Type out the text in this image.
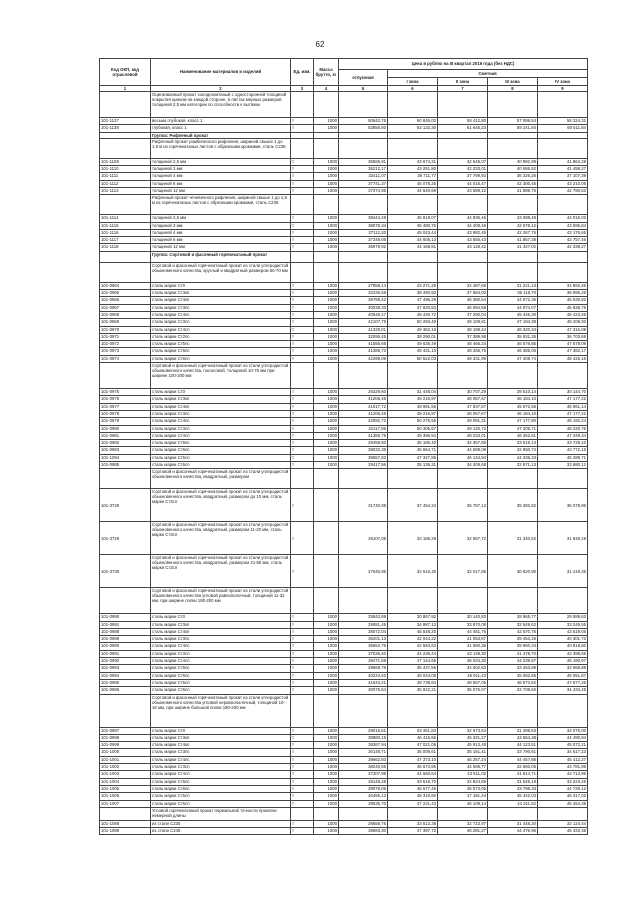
62
Код ОКП, код отраслевой	Наименование материалов и изделий	Ед. изм.	Масса брутто, кг	Цена в рублях на III квартал 2016 года (без НДС)				
				отпускная	Сметная			
					I зона	II зона	III зона	IV зона
1	2	3	4	5	6	7	8	9
	Оцинкованный прокат холоднокатаный с односторонней толщиной покрытия цинком на каждой стороне, в листах мерных размеров толщиной 2,5 мм категории по способности к вытяжке							
101-1137	весьма глубокая, класс 1	т	1000	50642,76	60 846,02	59 412,80	57 099,54	58 324,31
101-1138	глубокая, класс 1	т	1000	52856,93	63 132,30	61 645,23	59 241,84	60 511,84
	Группа: Рифленый прокат							
	Рифленый прокат ромбического рифления, шириной свыше 1 до 1,9 м из горячекатаных листов с обрезными кромками, сталь С235							
101-1109	толщиной 2,5 мм	т	1000	36565,91	43 674,31	42 645,07	40 982,99	41 864,28
101-1110	толщиной 3 мм	т	1000	35212,17	43 251,80	42 233,01	40 586,52	41 459,27
101-1111	толщиной 4 мм	т	1000	32411,07	38 711,77	37 799,92	36 326,26	37 107,39
101-1112	толщиной 6 мм	т	1000	37741,37	45 078,25	44 016,47	42 300,45	43 210,05
101-1113	толщиной 12 мм	т	1000	37374,95	44 640,69	43 589,12	41 889,76	42 790,53
	Рифленый прокат чечевичного рифления, шириной свыше 1 до 1,9 м из горячекатаных листов с обрезными кромками, сталь С235							
101-1114	толщиной 2,5 мм	т	1000	38444,48	45 918,07	44 836,46	43 088,49	44 015,03
101-1115	толщиной 3 мм	т	1000	38078,34	45 480,76	44 409,46	42 678,12	43 595,84
101-1116	толщиной 4 мм	т	1000	37112,20	45 043,44	43 982,45	42 267,75	43 176,65
101-1117	толщиной 6 мм	т	1000	37346,06	44 605,13	43 555,43	41 857,38	42 757,46
101-1118	толщиной 12 мм	т	1000	36979,92	44 168,81	43 128,42	41 447,02	42 338,27
	Группа: Сортовой и фасонный горячекатаный прокат							
	Сортовой и фасонный горячекатаный прокат из стали углеродистой обыкновенного качества, круглый и квадратный размером 50-70 мм							
101-0964	сталь марки Ст0	т	1000	27858,14	33 271,28	32 487,68	31 221,13	31 892,46
101-0965	сталь марки Ст3кп	т	1000	32226,58	38 490,50	37 584,00	36 118,70	36 895,28
101-0966	сталь марки Ст4кп	т	1000	39788,42	47 496,28	46 380,54	44 572,36	45 530,83
101-0967	сталь марки Ст3пс	т	1000	40038,33	47 820,83	46 694,58	44 874,07	45 838,79
101-0968	сталь марки Ст4пс	т	1000	40548,17	48 430,72	47 290,04	45 446,30	46 423,46
101-0969	сталь марки Ст3сп	т	1000	42107,75	50 293,49	49 108,81	47 194,38	48 208,93
101-0970	сталь марки Ст4сп	т	1000	41328,01	49 362,16	48 199,44	46 320,34	47 316,08
101-0971	сталь марки Ст2пс	т	1000	32095,45	38 290,01	37 389,98	35 931,35	36 703,69
101-0972	сталь марки Ст5пс	т	1000	41556,65	49 635,49	48 466,34	46 576,85	47 578,09
101-0973	сталь марки Ст6пс	т	1000	41385,73	49 431,10	48 266,76	46 385,06	47 382,17
101-0974	сталь марки Ст6сп	т	1000	42299,09	50 522,03	49 331,99	47 408,74	48 426,16
	Сортовой и фасонный горячекатаный прокат из стали углеродистой обыкновенного качества, полосовой, толщиной 10-75 мм при ширине 100-200 мм							
101-0975	сталь марки Ст0	т	1000	26329,60	31 448,04	30 707,29	29 510,14	30 144,70
101-0976	сталь марки Ст3кп	т	1000	41206,45	49 216,97	48 057,67	46 184,10	47 177,22
101-0977	сталь марки Ст4кп	т	1000	41017,72	48 991,56	47 837,57	45 972,58	46 961,14
101-0978	сталь марки Ст3пс	т	1000	41206,45	49 216,97	48 057,67	46 184,10	47 177,22
101-0979	сталь марки Ст4пс	т	1000	42092,72	50 275,56	49 091,31	47 177,80	48 192,24
101-0980	сталь марки Ст3сп	т	1000	42117,95	50 305,67	49 120,72	47 205,71	48 220,76
101-0981	сталь марки Ст4сп	т	1000	41356,79	49 396,54	48 233,01	46 352,61	47 349,34
101-0982	сталь марки Ст5пс	т	1000	29459,50	35 186,40	34 357,58	33 018,13	33 728,10
101-0983	сталь марки Ст6пс	т	1000	38032,35	45 664,71	44 589,08	42 850,74	43 772,16
101-1094	сталь марки Ст5сп	т	1000	39657,83	47 347,86	46 134,94	44 336,33	45 289,71
101-0985	сталь марки Ст6сп	т	1000	29417,56	35 136,31	34 308,68	32 971,13	33 680,12
	Сортовой и фасонный горячекатаный прокат из стали углеродистой обыкновенного качества, квадратный, размером							
101-3728	Сортовой и фасонный горячекатаный прокат из стали углеродистой обыкновенного качества, квадратный, размером до 10 мм, сталь марки Ст3сп	т		31740,99	37 454,34	36 787,13	35 392,82	36 079,96
101-3729	Сортовой и фасонный горячекатаный прокат из стали углеродистой обыкновенного качества, квадратный, размером 11-20 мм, сталь марки Ст3сп	т		28107,05	33 186,29	32 557,72	31 340,62	31 948,19
101-3730	Сортовой и фасонный горячекатаный прокат из стали углеродистой обыкновенного качества, квадратный, размером 21-50 мм, сталь марки Ст3сп	т		27640,95	32 616,30	32 017,85	30 820,90	31 419,35
	Сортовой и фасонный горячекатаный прокат из стали углеродистой обыкновенного качества угловой равнополочный, толщиной 11-32 мм, при ширине полки 180-200 мм							
101-0990	сталь марки Ст0	т	1000	25843,89	30 867,92	30 140,83	28 965,77	29 589,63
101-0991	сталь марки Ст3кп	т	1000	29081,45	34 987,13	33 870,08	32 549,62	33 249,55
101-0988	сталь марки Ст4кп	т	1000	38072,04	45 548,20	44 451,76	42 570,76	43 619,05
101-0989	сталь марки Ст3пс	т	1000	35201,13	42 044,22	41 053,67	39 453,26	40 301,73
101-0990	сталь марки Ст4пс	т	1000	35652,76	42 583,63	41 580,36	39 960,34	40 818,60
101-0991	сталь марки Ст3сп	т	1000	37036,40	44 235,44	43 139,30	41 478,70	42 398,58
101-0992	сталь марки Ст4сп	т	1000	39471,58	47 144,65	46 034,30	44 239,87	45 190,97
101-0993	сталь марки Ст5пс	т	1000	29669,76	35 437,56	34 602,83	33 253,89	33 968,88
101-0994	сталь марки Ст6пс	т	1000	40223,62	48 043,08	46 911,43	45 082,55	46 051,87
101-0995	сталь марки Ст5сп	т	1000	41643,21	49 738,84	48 567,05	46 673,62	47 677,26
101-0996	сталь марки Ст6сп	т	1000	30075,54	35 922,21	35 076,07	33 708,60	34 433,45
	Сортовой и фасонный горячекатаный прокат из стали углеродистой обыкновенного качества угловой неравнополочный, толщиной 10-16 мм, при ширине большой полки 180-200 мм							
101-0997	сталь марки Ст0	т	1000	28015,61	33 461,83	32 673,64	31 399,63	32 075,00
101-0998	сталь марки Ст3кп	т	1000	38880,15	46 416,56	45 321,27	43 554,38	44 490,84
101-0999	сталь марки Ст4кп	т	1000	39367,94	47 021,06	45 913,48	44 123,51	45 072,21
101-1000	сталь марки Ст3пс	т	1000	30148,71	36 009,61	35 161,41	33 790,61	34 517,23
101-1001	сталь марки Ст4пс	т	1000	39662,83	47 373,10	46 257,24	44 457,86	45 412,27
101-1002	сталь марки Ст3сп	т	1000	38240,65	45 674,85	44 598,77	42 860,05	43 781,89
101-1003	сталь марки Ст4сп	т	1000	37307,98	44 560,64	43 511,02	41 814,71	42 713,96
101-1004	сталь марки Ст5пс	т	1000	28145,28	33 616,70	32 824,86	31 545,18	32 223,49
101-1005	сталь марки Ст6пс	т	1000	39079,05	46 677,49	45 573,06	43 798,33	44 739,12
101-1006	сталь марки Ст5сп	т	1000	40455,13	48 319,60	47 181,44	45 342,03	46 317,03
101-1007	сталь марки Ст6сп	т	1000	39535,70	47 221,43	46 109,14	44 311,52	45 264,38
	Угловой горячекатаный прокат нормальной точности прокатки немерной длины							
101-1088	из стали С235	т	1000	28658,75	33 513,38	32 723,97	31 448,20	32 124,44
101-1089	из стали С245	т	1000	39683,30	47 397,72	46 281,27	44 476,96	45 433,38
